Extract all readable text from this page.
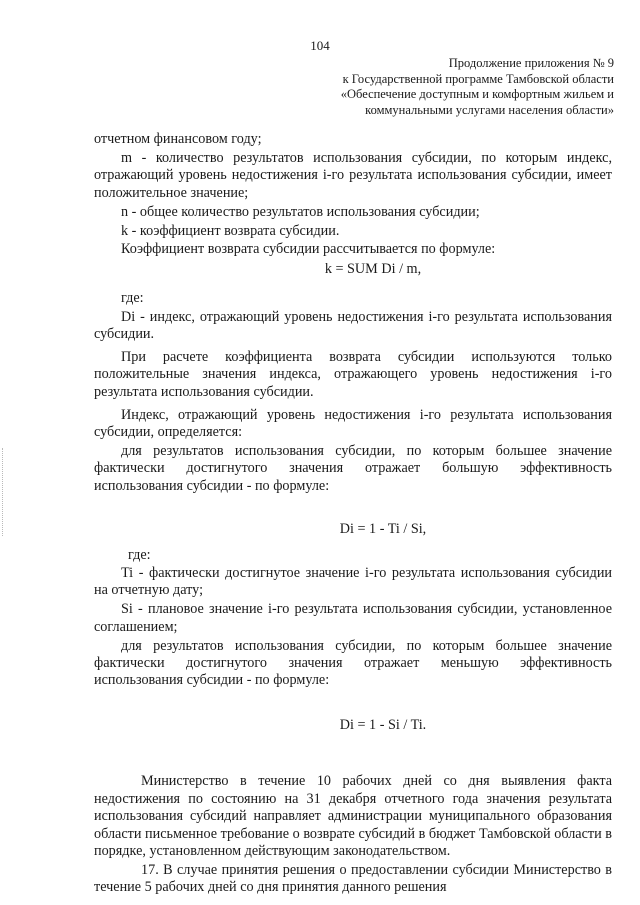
104
Продолжение приложения № 9
к Государственной программе Тамбовской области
«Обеспечение доступным и комфортным жильем и
коммунальными услугами населения области»

отчетном финансовом году;

m - количество результатов использования субсидии, по которым индекс, отражающий уровень недостижения i-го результата использования субсидии, имеет положительное значение;

n - общее количество результатов использования субсидии;

k - коэффициент возврата субсидии.

Коэффициент возврата субсидии рассчитывается по формуле:

k = SUM Di / m,

где:

Di - индекс, отражающий уровень недостижения i-го результата использования субсидии.

При расчете коэффициента возврата субсидии используются только положительные значения индекса, отражающего уровень недостижения i-го результата использования субсидии.

Индекс, отражающий уровень недостижения i-го результата использования субсидии, определяется:

для результатов использования субсидии, по которым большее значение фактически достигнутого значения отражает большую эффективность использования субсидии - по формуле:

Di = 1 - Ti / Si,

где:

Ti - фактически достигнутое значение i-го результата использования субсидии на отчетную дату;

Si - плановое значение i-го результата использования субсидии, установленное соглашением;

для результатов использования субсидии, по которым большее значение фактически достигнутого значения отражает меньшую эффективность использования субсидии - по формуле:

Di = 1 - Si / Ti.

Министерство в течение 10 рабочих дней со дня выявления факта недостижения по состоянию на 31 декабря отчетного года значения результата использования субсидий направляет администрации муниципального образования области письменное требование о возврате субсидий в бюджет Тамбовской области в порядке, установленном действующим законодательством.

17. В случае принятия решения о предоставлении субсидии Министерство в течение 5 рабочих дней со дня принятия данного решения
